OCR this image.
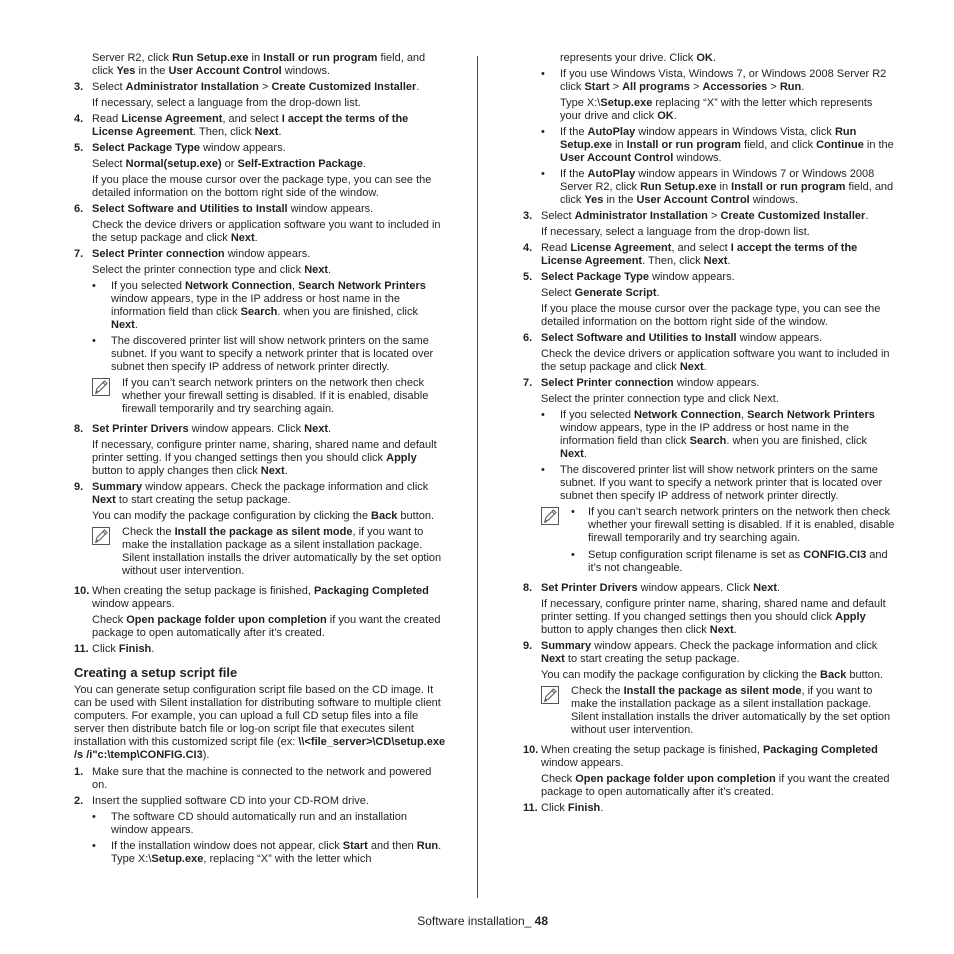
Server R2, click Run Setup.exe in Install or run program field, and click Yes in the User Account Control windows.

3. Select Administrator Installation > Create Customized Installer.

If necessary, select a language from the drop-down list.

4. Read License Agreement, and select I accept the terms of the License Agreement. Then, click Next.

5. Select Package Type window appears.

Select Normal(setup.exe) or Self-Extraction Package.

If you place the mouse cursor over the package type, you can see the detailed information on the bottom right side of the window.

6. Select Software and Utilities to Install window appears.

Check the device drivers or application software you want to included in the setup package and click Next.

7. Select Printer connection window appears.

Select the printer connection type and click Next.

• If you selected Network Connection, Search Network Printers window appears, type in the IP address or host name in the information field than click Search. when you are finished, click Next.

• The discovered printer list will show network printers on the same subnet. If you want to specify a network printer that is located over subnet then specify IP address of network printer directly.

If you can’t search network printers on the network then check whether your firewall setting is disabled. If it is enabled, disable firewall temporarily and try searching again.

8. Set Printer Drivers window appears. Click Next.

If necessary, configure printer name, sharing, shared name and default printer setting. If you changed settings then you should click Apply button to apply changes then click Next.

9. Summary window appears. Check the package information and click Next to start creating the setup package.

You can modify the package configuration by clicking the Back button.

Check the Install the package as silent mode, if you want to make the installation package as a silent installation package. Silent installation installs the driver automatically by the set option without user intervention.

10. When creating the setup package is finished, Packaging Completed window appears.

Check Open package folder upon completion if you want the created package to open automatically after it’s created.

11. Click Finish.

Creating a setup script file

You can generate setup configuration script file based on the CD image. It can be used with Silent installation for distributing software to multiple client computers. For example, you can upload a full CD setup files into a file server then distribute batch file or log-on script file that executes silent installation with this customized script file (ex: \\<file_server>\CD\setup.exe /s /i"c:\temp\CONFIG.CI3).

1. Make sure that the machine is connected to the network and powered on.

2. Insert the supplied software CD into your CD-ROM drive.

• The software CD should automatically run and an installation window appears.

• If the installation window does not appear, click Start and then Run. Type X:\Setup.exe, replacing “X” with the letter which

represents your drive. Click OK.

• If you use Windows Vista, Windows 7, or Windows 2008 Server R2 click Start > All programs > Accessories > Run.

Type X:\Setup.exe replacing “X” with the letter which represents your drive and click OK.

• If the AutoPlay window appears in Windows Vista, click Run Setup.exe in Install or run program field, and click Continue in the User Account Control windows.

• If the AutoPlay window appears in Windows 7 or Windows 2008 Server R2, click Run Setup.exe in Install or run program field, and click Yes in the User Account Control windows.

3. Select Administrator Installation > Create Customized Installer.

If necessary, select a language from the drop-down list.

4. Read License Agreement, and select I accept the terms of the License Agreement. Then, click Next.

5. Select Package Type window appears.

Select Generate Script.

If you place the mouse cursor over the package type, you can see the detailed information on the bottom right side of the window.

6. Select Software and Utilities to Install window appears.

Check the device drivers or application software you want to included in the setup package and click Next.

7. Select Printer connection window appears.

Select the printer connection type and click Next.

• If you selected Network Connection, Search Network Printers window appears, type in the IP address or host name in the information field than click Search. when you are finished, click Next.

• The discovered printer list will show network printers on the same subnet. If you want to specify a network printer that is located over subnet then specify IP address of network printer directly.

• If you can’t search network printers on the network then check whether your firewall setting is disabled. If it is enabled, disable firewall temporarily and try searching again.

• Setup configuration script filename is set as CONFIG.CI3 and it’s not changeable.

8. Set Printer Drivers window appears. Click Next.

If necessary, configure printer name, sharing, shared name and default printer setting. If you changed settings then you should click Apply button to apply changes then click Next.

9. Summary window appears. Check the package information and click Next to start creating the setup package.

You can modify the package configuration by clicking the Back button.

Check the Install the package as silent mode, if you want to make the installation package as a silent installation package. Silent installation installs the driver automatically by the set option without user intervention.

10. When creating the setup package is finished, Packaging Completed window appears.

Check Open package folder upon completion if you want the created package to open automatically after it’s created.

11. Click Finish.

Software installation_ 48
